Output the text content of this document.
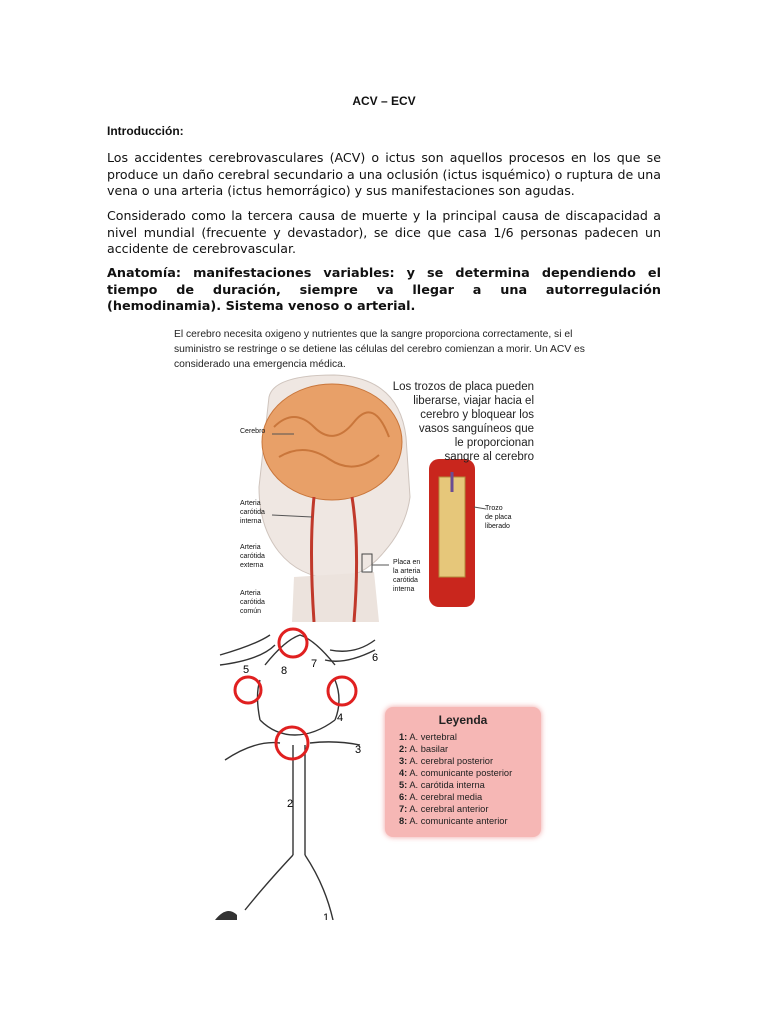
ACV – ECV
Introducción:
Los accidentes cerebrovasculares (ACV) o ictus son aquellos procesos en los que se produce un daño cerebral secundario a una oclusión (ictus isquémico) o ruptura de una vena o una arteria (ictus hemorrágico) y sus manifestaciones son agudas.
Considerado como la tercera causa de muerte y la principal causa de discapacidad a nivel mundial (frecuente y devastador), se dice que casa 1/6 personas padecen un accidente de cerebrovascular.
Anatomía: manifestaciones variables: y se determina dependiendo el tiempo de duración, siempre va llegar a una autorregulación (hemodinamia). Sistema venoso o arterial.
El cerebro necesita oxigeno y nutrientes que la sangre proporciona correctamente, si el suministro se restringe o se detiene las células del cerebro comienzan a morir. Un ACV es considerado una emergencia médica.
Cerebro
Arteria
carótida
interna
Arteria
carótida
externa
Arteria
carótida
común
Placa en
la arteria
carótida
interna
Trozo
de placa
liberado
Los trozos de placa pueden
liberarse, viajar hacia el
cerebro y bloquear los
vasos sanguíneos que
le proporcionan
sangre al cerebro
1
2
3
4
5
6
7
8
Leyenda
1: A. vertebral
2: A. basilar
3: A. cerebral posterior
4: A. comunicante posterior
5: A. carótida interna
6: A. cerebral media
7: A. cerebral anterior
8: A. comunicante anterior
